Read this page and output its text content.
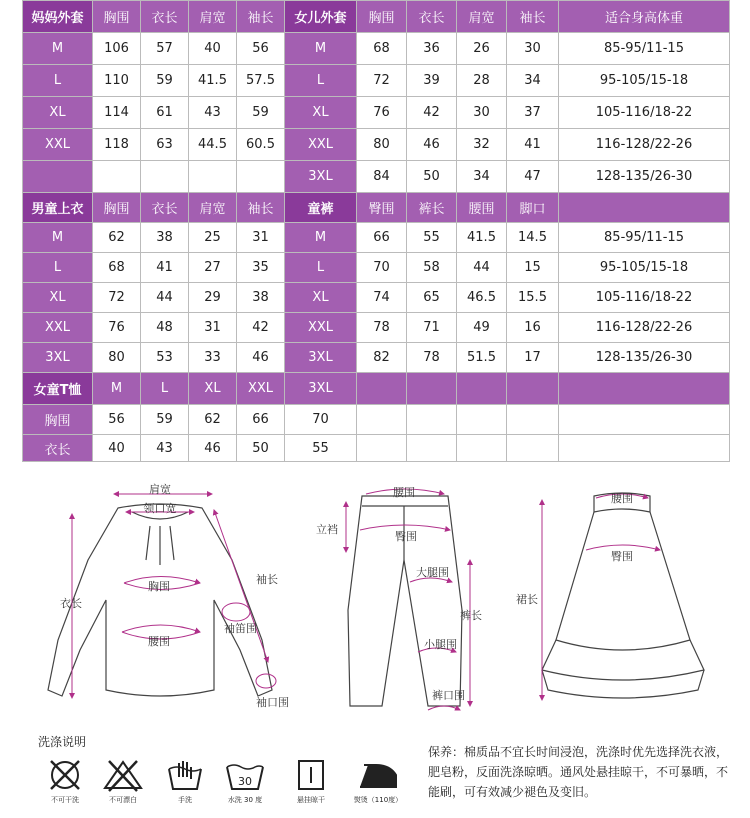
妈妈外套	胸围	衣长	肩宽	袖长	女儿外套	胸围	衣长	肩宽	袖长	适合身高体重
M	106	57	40	56	M	68	36	26	30	85-95/11-15
L	110	59	41.5	57.5	L	72	39	28	34	95-105/15-18
XL	114	61	43	59	XL	76	42	30	37	105-116/18-22
XXL	118	63	44.5	60.5	XXL	80	46	32	41	116-128/22-26
					3XL	84	50	34	47	128-135/26-30
男童上衣	胸围	衣长	肩宽	袖长	童裤	臀围	裤长	腰围	脚口	
M	62	38	25	31	M	66	55	41.5	14.5	85-95/11-15
L	68	41	27	35	L	70	58	44	15	95-105/15-18
XL	72	44	29	38	XL	74	65	46.5	15.5	105-116/18-22
XXL	76	48	31	42	XXL	78	71	49	16	116-128/22-26
3XL	80	53	33	46	3XL	82	78	51.5	17	128-135/26-30
女童T恤	M	L	XL	XXL	3XL					
胸围	56	59	62	66	70					
衣长	40	43	46	50	55					
肩宽
领口宽
袖长
衣长
胸围
腰围
袖笛围
袖口围
腰围
立裆
臀围
大腿围
裤长
小腿围
裤口围
腰围
臀围
裙长
洗涤说明
不可干洗	不可漂白	手洗
30
水洗 30 度	悬挂晾干	熨烫（110度）
保养：棉质品不宜长时间浸泡，洗涤时优先选择洗衣液，肥皂粉，反面洗涤晾晒。通风处悬挂晾干，不可暴晒，不能刷，可有效减少褪色及变旧。
